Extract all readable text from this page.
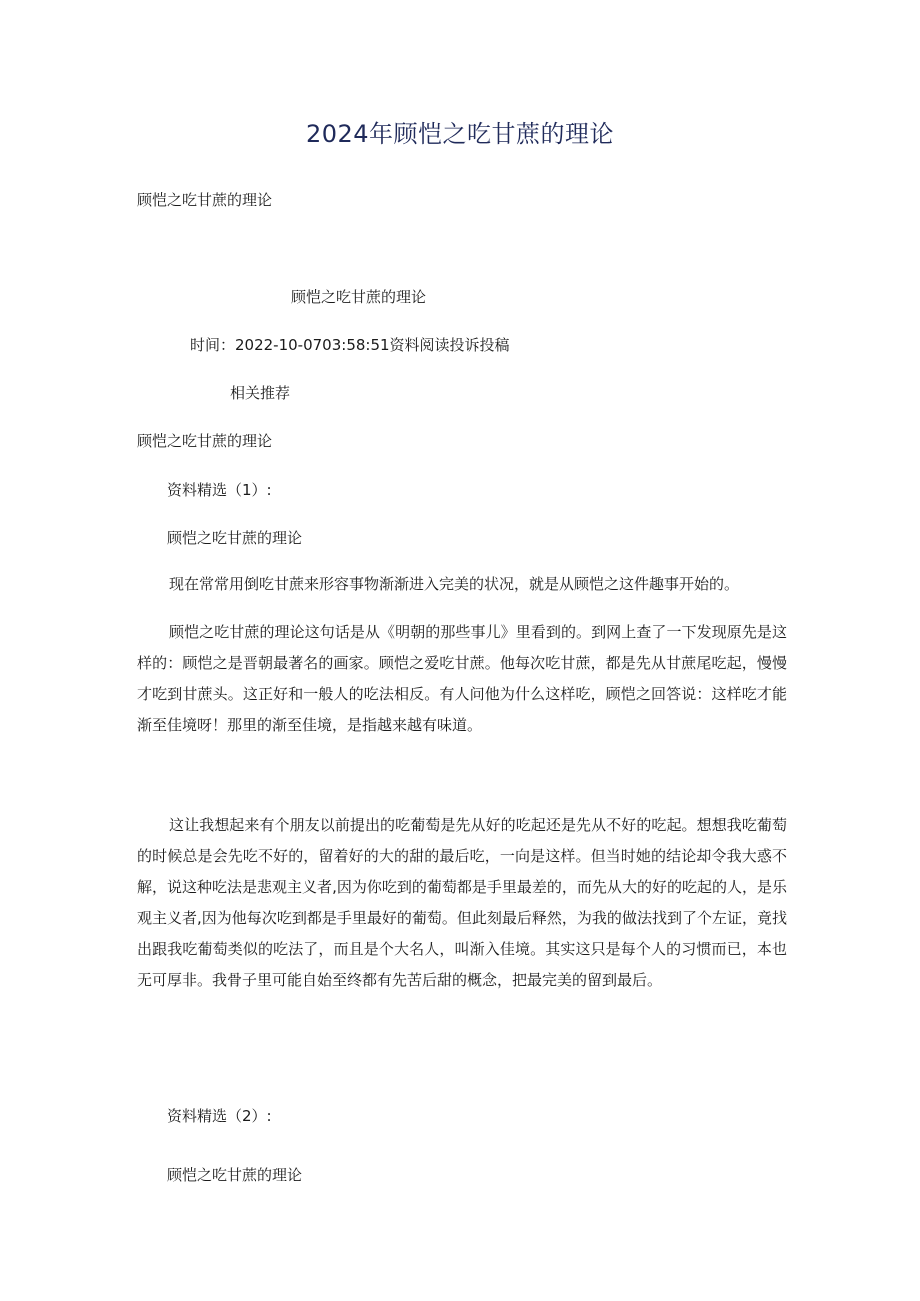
2024年顾恺之吃甘蔗的理论

顾恺之吃甘蔗的理论

顾恺之吃甘蔗的理论

时间：2022-10-0703:58:51资料阅读投诉投稿

相关推荐

顾恺之吃甘蔗的理论

资料精选（1）:

顾恺之吃甘蔗的理论

现在常常用倒吃甘蔗来形容事物渐渐进入完美的状况，就是从顾恺之这件趣事开始的。

顾恺之吃甘蔗的理论这句话是从《明朝的那些事儿》里看到的。到网上查了一下发现原先是这样的：顾恺之是晋朝最著名的画家。顾恺之爱吃甘蔗。他每次吃甘蔗，都是先从甘蔗尾吃起，慢慢才吃到甘蔗头。这正好和一般人的吃法相反。有人问他为什么这样吃，顾恺之回答说：这样吃才能渐至佳境呀！那里的渐至佳境，是指越来越有味道。

这让我想起来有个朋友以前提出的吃葡萄是先从好的吃起还是先从不好的吃起。想想我吃葡萄的时候总是会先吃不好的，留着好的大的甜的最后吃，一向是这样。但当时她的结论却令我大惑不解，说这种吃法是悲观主义者,因为你吃到的葡萄都是手里最差的，而先从大的好的吃起的人，是乐观主义者,因为他每次吃到都是手里最好的葡萄。但此刻最后释然，为我的做法找到了个左证，竟找出跟我吃葡萄类似的吃法了，而且是个大名人，叫渐入佳境。其实这只是每个人的习惯而已，本也无可厚非。我骨子里可能自始至终都有先苦后甜的概念，把最完美的留到最后。

资料精选（2）:

顾恺之吃甘蔗的理论
